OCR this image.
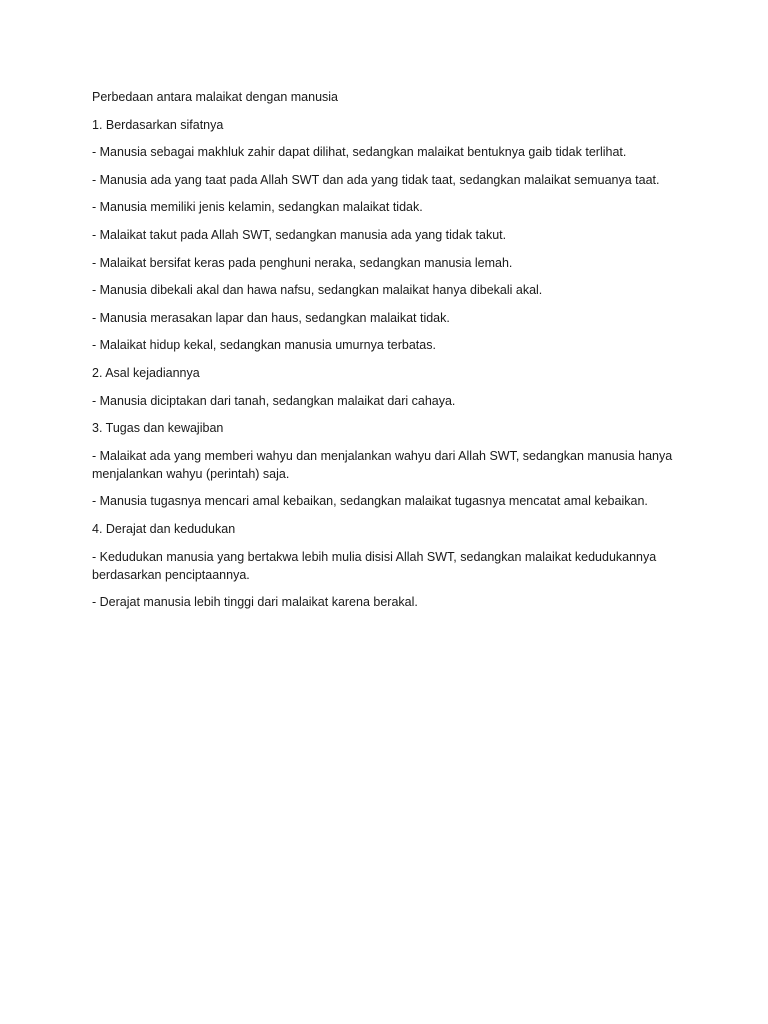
Perbedaan antara malaikat dengan manusia

1. Berdasarkan sifatnya

- Manusia sebagai makhluk zahir dapat dilihat, sedangkan malaikat bentuknya gaib tidak terlihat.

- Manusia ada yang taat pada Allah SWT dan ada yang tidak taat, sedangkan malaikat semuanya taat.

- Manusia memiliki jenis kelamin, sedangkan malaikat tidak.

- Malaikat takut pada Allah SWT, sedangkan manusia ada yang tidak takut.

- Malaikat bersifat keras pada penghuni neraka, sedangkan manusia lemah.

- Manusia dibekali akal dan hawa nafsu, sedangkan malaikat hanya dibekali akal.

- Manusia merasakan lapar dan haus, sedangkan malaikat tidak.

- Malaikat hidup kekal, sedangkan manusia umurnya terbatas.

2. Asal kejadiannya

- Manusia diciptakan dari tanah, sedangkan malaikat dari cahaya.

3. Tugas dan kewajiban

- Malaikat ada yang memberi wahyu dan menjalankan wahyu dari Allah SWT, sedangkan manusia hanya menjalankan wahyu (perintah) saja.

- Manusia tugasnya mencari amal kebaikan, sedangkan malaikat tugasnya mencatat amal kebaikan.

4. Derajat dan kedudukan

- Kedudukan manusia yang bertakwa lebih mulia disisi Allah SWT, sedangkan malaikat kedudukannya berdasarkan penciptaannya.

- Derajat manusia lebih tinggi dari malaikat karena berakal.
